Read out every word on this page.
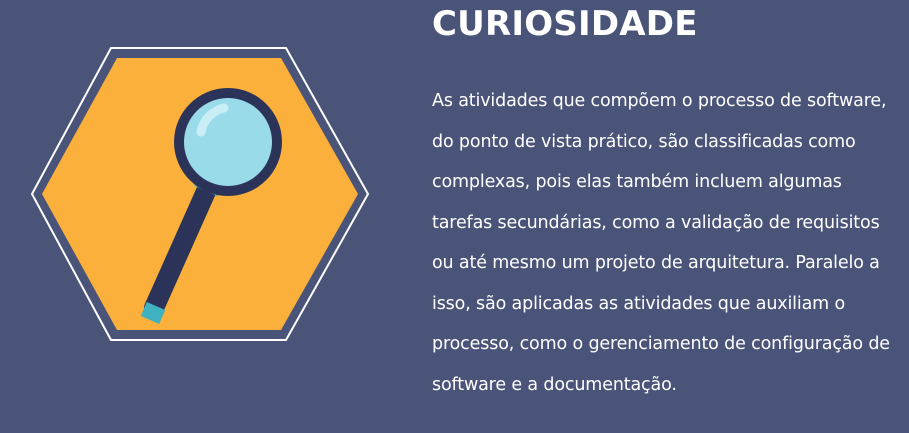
CURIOSIDADE

As atividades que compõem o processo de software, do ponto de vista prático, são classificadas como complexas, pois elas também incluem algumas tarefas secundárias, como a validação de requisitos ou até mesmo um projeto de arquitetura. Paralelo a isso, são aplicadas as atividades que auxiliam o processo, como o gerenciamento de configuração de software e a documentação.
